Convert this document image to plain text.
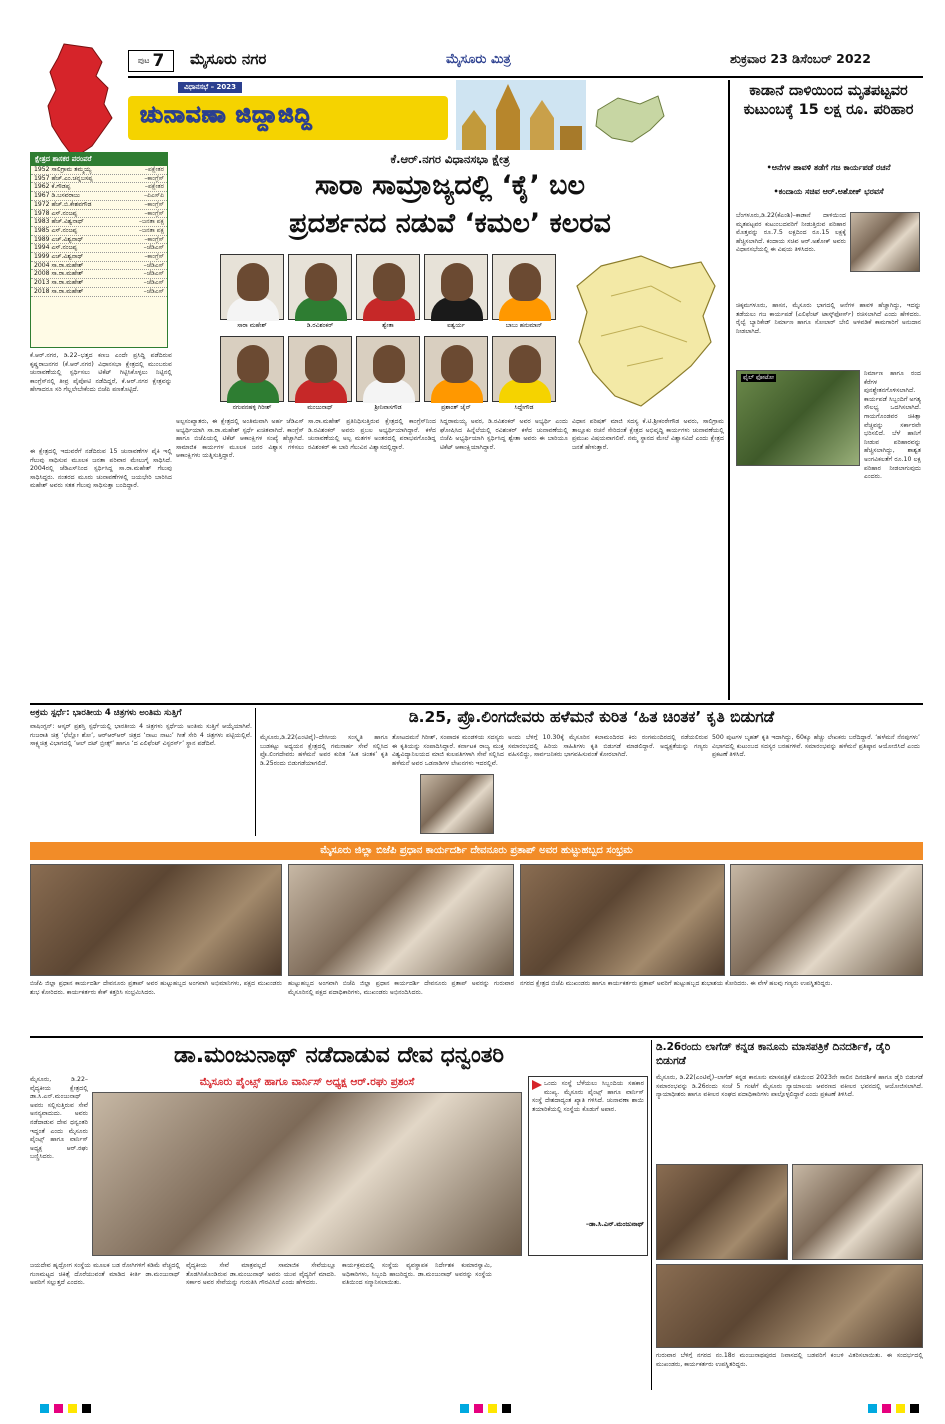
ಪುಟ 7 ಮೈಸೂರು ನಗರ	ಮೈಸೂರು ಮಿತ್ರ	ಶುಕ್ರವಾರ 23 ಡಿಸೆಂಬರ್ 2022
ವಿಧಾನಸಭೆ – 2023
ಚುನಾವಣಾ ಜಿದ್ದಾಜಿದ್ದಿ
ಕಾಡಾನೆ ದಾಳಿಯಿಂದ ಮೃತಪಟ್ಟವರ ಕುಟುಂಬಕ್ಕೆ 15 ಲಕ್ಷ ರೂ. ಪರಿಹಾರ
•ಆನೆಗಳ ಹಾವಳಿ ತಡೆಗೆ ಗಜ ಕಾರ್ಯಪಡೆ ರಚನೆ
•ಕಂದಾಯ ಸಚಿವ ಆರ್.ಅಶೋಕ್ ಭರವಸೆ
ಬೆಂಗಳೂರು,ಡಿ.22(ಕೆಎಂಶಿ)–ಕಾಡಾನೆ ದಾಳಿಯಿಂದ ಮೃತಪಟ್ಟವರ ಕುಟುಂಬದವರಿಗೆ ನೀಡುತ್ತಿರುವ ಪರಿಹಾರ ಮೊತ್ತವನ್ನು ರೂ.7.5 ಲಕ್ಷದಿಂದ ರೂ.15 ಲಕ್ಷಕ್ಕೆ ಹೆಚ್ಚಿಸಲಾಗಿದೆ. ಕಂದಾಯ ಸಚಿವ ಆರ್.ಅಶೋಕ್ ಅವರು ವಿಧಾನಸಭೆಯಲ್ಲಿ ಈ ವಿಷಯ ತಿಳಿಸಿದರು.
ಚಿಕ್ಕಮಗಳೂರು, ಹಾಸನ, ಮೈಸೂರು ಭಾಗದಲ್ಲಿ ಆನೆಗಳ ಹಾವಳಿ ಹೆಚ್ಚಾಗಿದ್ದು, ಇದನ್ನು ತಡೆಯಲು ಗಜ ಕಾರ್ಯಪಡೆ (ಎಲಿಫೆಂಟ್ ಟಾಸ್ಕ್‌ಫೋರ್ಸ್) ರಚಿಸಲಾಗಿದೆ ಎಂದು ಹೇಳಿದರು. ರೈಲ್ವೆ ಬ್ಯಾರಿಕೇಡ್ ನಿರ್ಮಾಣ ಹಾಗೂ ಸೋಲಾರ್ ಬೇಲಿ ಅಳವಡಿಕೆ ಕಾಮಗಾರಿಗೆ ಅನುದಾನ ನೀಡಲಾಗಿದೆ.
ಫೈಲ್ ಫೋಟೋ
ನಿರ್ಮಾಣ ಹಾಗೂ ರಂದ ಕೆರೆಗಳ ಪುನಶ್ಚೇತನಗೊಳಿಸಲಾಗಿದೆ. ಕಾರ್ಯಪಡೆ ಸಿಬ್ಬಂದಿಗೆ ಅಗತ್ಯ ಸೌಲಭ್ಯ ಒದಗಿಸಲಾಗಿದೆ. ಗಾಯಗೊಂಡವರ ಚಿಕಿತ್ಸಾ ವೆಚ್ಚವನ್ನು ಸರ್ಕಾರವೇ ಭರಿಸಲಿದೆ. ಬೆಳೆ ಹಾನಿಗೆ ನೀಡುವ ಪರಿಹಾರವನ್ನು ಹೆಚ್ಚಿಸಲಾಗಿದ್ದು, ಶಾಶ್ವತ ಅಂಗವಿಕಲತೆಗೆ ರೂ.10 ಲಕ್ಷ ಪರಿಹಾರ ನೀಡಲಾಗುವುದು ಎಂದರು.
ಕ್ಷೇತ್ರದ ಶಾಸಕರ ಪರಂಪರೆ
1952 ಸಾಲಿಗ್ರಾಮ ತಮ್ಮಯ್ಯ	–ಪಕ್ಷೇತರ
1957 ಹೆಚ್.ಎಂ.ಚನ್ನಬಸಪ್ಪ	–ಕಾಂಗ್ರೆಸ್
1962 ಕೆ.ಗೌಡಪ್ಪ	–ಪಕ್ಷೇತರ
1967 ಡಿ.ಬಸವರಾಜು	–ಪಿಎಸ್‌ಪಿ
1972 ಹೆಚ್.ಬಿ.ಕೇಶವಗೌಡ	–ಕಾಂಗ್ರೆಸ್
1978 ಎಸ್.ನಂಜಪ್ಪ	–ಕಾಂಗ್ರೆಸ್
1983 ಹೆಚ್.ವಿಶ್ವನಾಥ್	–ಜನತಾ ಪಕ್ಷ
1985 ಎಸ್.ನಂಜಪ್ಪ	–ಜನತಾ ಪಕ್ಷ
1989 ಎಚ್.ವಿಶ್ವನಾಥ್	–ಕಾಂಗ್ರೆಸ್
1994 ಎಸ್.ನಂಜಪ್ಪ	–ಜೆಡಿಎಸ್
1999 ಎಚ್.ವಿಶ್ವನಾಥ್	–ಕಾಂಗ್ರೆಸ್
2004 ಸಾ.ರಾ.ಮಹೇಶ್	–ಜೆಡಿಎಸ್
2008 ಸಾ.ರಾ.ಮಹೇಶ್	–ಜೆಡಿಎಸ್
2013 ಸಾ.ರಾ.ಮಹೇಶ್	–ಜೆಡಿಎಸ್
2018 ಸಾ.ರಾ.ಮಹೇಶ್	–ಜೆಡಿಎಸ್
ಕೆ.ಆರ್.ನಗರ ವಿಧಾನಸಭಾ ಕ್ಷೇತ್ರ
ಸಾರಾ ಸಾಮ್ರಾಜ್ಯದಲ್ಲಿ ‘ಕೈ’ ಬಲ
ಪ್ರದರ್ಶನದ ನಡುವೆ ‘ಕಮಲ’ ಕಲರವ
ಸಾರಾ ಮಹೇಶ್	ಡಿ.ರವಿಶಂಕರ್	ಶ್ವೇತಾ	ಐಶ್ವರ್ಯ	ಬಾಬು ಹನುಮಾನ್
ನಗುವನಹಳ್ಳಿ ಗಿರೀಶ್	ಮಂಜುನಾಥ್	ಶ್ರೀನಿವಾಸಗೌಡ	ಪ್ರಶಾಂತ್ ಜೈನ್	ಸಿದ್ದೇಗೌಡ
ಕೆ.ಆರ್.ನಗರ, ಡಿ.22–ಭತ್ತದ ಕಣಜ ಎಂದೇ ಪ್ರಸಿದ್ಧಿ ಪಡೆದಿರುವ ಕೃಷ್ಣರಾಜನಗರ (ಕೆ.ಆರ್.ನಗರ) ವಿಧಾನಸಭಾ ಕ್ಷೇತ್ರದಲ್ಲಿ ಮುಂಬರುವ ಚುನಾವಣೆಯಲ್ಲಿ ಸ್ಪರ್ಧಿಸಲು ಟಿಕೆಟ್ ಗಿಟ್ಟಿಸಿಕೊಳ್ಳಲು ನಿಟ್ಟಿನಲ್ಲಿ ಕಾಂಗ್ರೆಸ್‌ನಲ್ಲಿ ತೀವ್ರ ಪೈಪೋಟಿ ನಡೆದಿದ್ದರೆ, ಕೆ.ಆರ್.ನಗರ ಕ್ಷೇತ್ರವನ್ನು ಹೇಗಾದರೂ ಸರಿ ಗೆಲ್ಲಲೇಬೇಕೆಂದು ಬಿಜೆಪಿ ಪಣತೊಟ್ಟಿದೆ.
ಈ ಕ್ಷೇತ್ರದಲ್ಲಿ ಇದುವರೆಗೆ ನಡೆದಿರುವ 15 ಚುನಾವಣೆಗಳ ಪೈಕಿ ಇಲ್ಲಿ ಗೆಲುವು ಸಾಧಿಸುವ ಮೂಲಕ ಜನತಾ ಪರಿವಾರ ಮೇಲುಗೈ ಸಾಧಿಸಿದೆ. 2004ರಲ್ಲಿ ಜೆಡಿಎಸ್‌ನಿಂದ ಸ್ಪರ್ಧಿಸಿದ್ದ ಸಾ.ರಾ.ಮಹೇಶ್ ಗೆಲುವು ಸಾಧಿಸಿದ್ದರು. ನಂತರದ ಮೂರು ಚುನಾವಣೆಗಳಲ್ಲಿ ಜಯಭೇರಿ ಬಾರಿಸಿದ ಮಹೇಶ್ ಅವರು ಸತತ ಗೆಲುವು ಸಾಧಿಸುತ್ತಾ ಬಂದಿದ್ದಾರೆ.
ಅಲ್ಪಸಂಖ್ಯಾತರು, ಈ ಕ್ಷೇತ್ರದಲ್ಲಿ ಅಂತಿಮವಾಗಿ ಅರ್ಹ ಜೆಡಿಎಸ್ ಅಭ್ಯರ್ಥಿಯಾಗಿ ಸಾ.ರಾ.ಮಹೇಶ್ ಸ್ಪರ್ಧೆ ಖಚಿತವಾಗಿದೆ. ಕಾಂಗ್ರೆಸ್ ಹಾಗೂ ಬಿಜೆಪಿಯಲ್ಲಿ ಟಿಕೆಟ್ ಆಕಾಂಕ್ಷಿಗಳ ಸಂಖ್ಯೆ ಹೆಚ್ಚಾಗಿದೆ. ಸಾಮಾಜಿಕ ಕಾರ್ಯಗಳ ಮೂಲಕ ಜನರ ವಿಶ್ವಾಸ ಗಳಿಸಲು ಆಕಾಂಕ್ಷಿಗಳು ಯತ್ನಿಸುತ್ತಿದ್ದಾರೆ.
ಸಾ.ರಾ.ಮಹೇಶ್ ಪ್ರತಿನಿಧಿಸುತ್ತಿರುವ ಕ್ಷೇತ್ರದಲ್ಲಿ ಕಾಂಗ್ರೆಸ್‌ನಿಂದ ಡಿ.ರವಿಶಂಕರ್ ಅವರು ಪ್ರಬಲ ಅಭ್ಯರ್ಥಿಯಾಗಿದ್ದಾರೆ. ಕಳೆದ ಚುನಾವಣೆಯಲ್ಲಿ ಅಲ್ಪ ಮತಗಳ ಅಂತರದಲ್ಲಿ ಪರಾಭವಗೊಂಡಿದ್ದ ರವಿಶಂಕರ್ ಈ ಬಾರಿ ಗೆಲುವಿನ ವಿಶ್ವಾಸದಲ್ಲಿದ್ದಾರೆ.
ಸಿದ್ದರಾಮಯ್ಯ ಅವರ, ಡಿ.ರವಿಶಂಕರ್ ಅವರ ಅಭ್ಯರ್ಥಿ ಎಂದು ಘೋಷಿಸಿದ ಹಿನ್ನೆಲೆಯಲ್ಲಿ ರವಿಶಂಕರ್ ಕಳೆದ ಚುನಾವಣೆಯಲ್ಲಿ ಬಿಜೆಪಿ ಅಭ್ಯರ್ಥಿಯಾಗಿ ಸ್ಪರ್ಧಿಸಿದ್ದ ಶ್ವೇತಾ ಅವರು ಈ ಬಾರಿಯೂ ಟಿಕೆಟ್ ಆಕಾಂಕ್ಷಿಯಾಗಿದ್ದಾರೆ.
ವಿಧಾನ ಪರಿಷತ್ ಮಾಜಿ ಸದಸ್ಯ ಕೆ.ಟಿ.ಶ್ರೀಕಂಠೇಗೌಡ ಅವರು, ಸಾಲಿಗ್ರಾಮ ತಾಲ್ಲೂಕು ರಚನೆ ಸೇರಿದಂತೆ ಕ್ಷೇತ್ರದ ಅಭಿವೃದ್ಧಿ ಕಾರ್ಯಗಳು ಚುನಾವಣೆಯಲ್ಲಿ ಪ್ರಮುಖ ವಿಷಯವಾಗಲಿವೆ. ನಮ್ಮ ಸ್ಥಾನದ ಮೇಲೆ ವಿಶ್ವಾಸವಿದೆ ಎಂದು ಕ್ಷೇತ್ರದ ಜನತೆ ಹೇಳುತ್ತಾರೆ.
ಅಕ್ರಮ ಸ್ಪರ್ಧೆ: ಭಾರತೀಯ 4 ಚಿತ್ರಗಳು ಅಂತಿಮ ಸುತ್ತಿಗೆ
ವಾಷಿಂಗ್ಟನ್: ಆಸ್ಕರ್ ಪ್ರಶಸ್ತಿ ಸ್ಪರ್ಧೆಯಲ್ಲಿ ಭಾರತೀಯ 4 ಚಿತ್ರಗಳು ಸ್ಪರ್ಧೆಯ ಅಂತಿಮ ಸುತ್ತಿಗೆ ಆಯ್ಕೆಯಾಗಿವೆ. ಗುಜರಾತಿ ಚಿತ್ರ ‘ಛೆಲ್ಲೋ ಶೋ’, ಆರ್‌ಆರ್‌ಆರ್ ಚಿತ್ರದ ‘ನಾಟು ನಾಟು’ ಗೀತೆ ಸೇರಿ 4 ಚಿತ್ರಗಳು ಪಟ್ಟಿಯಲ್ಲಿವೆ. ಸಾಕ್ಷ್ಯಚಿತ್ರ ವಿಭಾಗದಲ್ಲಿ ‘ಆಲ್ ದಟ್ ಬ್ರೀತ್ಸ್’ ಹಾಗೂ ‘ದ ಎಲಿಫೆಂಟ್ ವಿಸ್ಪರರ್ಸ್’ ಸ್ಥಾನ ಪಡೆದಿವೆ.
ಡಿ.25, ಪ್ರೊ.ಲಿಂಗದೇವರು ಹಳೆಮನೆ ಕುರಿತ ‘ಹಿತ ಚಿಂತಕ’ ಕೃತಿ ಬಿಡುಗಡೆ
ಮೈಸೂರು,ಡಿ.22(ಎಂಟಿವೈ)–ದೇಸೀಯ ಸಂಸ್ಕೃತಿ ಹಾಗೂ ಬುಡಕಟ್ಟು ಅಧ್ಯಯನ ಕ್ಷೇತ್ರದಲ್ಲಿ ಗಮನಾರ್ಹ ಸೇವೆ ಸಲ್ಲಿಸಿದ ಪ್ರೊ.ಲಿಂಗದೇವರು ಹಳೆಮನೆ ಅವರ ಕುರಿತ ‘ಹಿತ ಚಿಂತಕ’ ಕೃತಿ ಡಿ.25ರಂದು ಬಿಡುಗಡೆಯಾಗಲಿದೆ.
ತೋಟದಮನೆ ಗಿರೀಶ್, ಸಂಪಾದಕ ಮಂಡಳಿಯ ಸದಸ್ಯರು ಈ ಕೃತಿಯನ್ನು ಸಂಪಾದಿಸಿದ್ದಾರೆ. ಕರ್ನಾಟಕ ರಾಜ್ಯ ಮುಕ್ತ ವಿಶ್ವವಿದ್ಯಾನಿಲಯದ ಮಾಜಿ ಕುಲಪತಿಗಳಾಗಿ ಸೇವೆ ಸಲ್ಲಿಸಿದ ಹಳೆಮನೆ ಅವರ ಒಡನಾಡಿಗಳ ಲೇಖನಗಳು ಇದರಲ್ಲಿವೆ.
ಅಂದು ಬೆಳಿಗ್ಗೆ 10.30ಕ್ಕೆ ಮೈಸೂರಿನ ಕಲಾಮಂದಿರದ ಕಿರು ರಂಗಮಂದಿರದಲ್ಲಿ ನಡೆಯಲಿರುವ ಸಮಾರಂಭದಲ್ಲಿ ಹಿರಿಯ ಸಾಹಿತಿಗಳು ಕೃತಿ ಬಿಡುಗಡೆ ಮಾಡಲಿದ್ದಾರೆ. ಅಧ್ಯಕ್ಷತೆಯನ್ನು ಗಣ್ಯರು ವಹಿಸಲಿದ್ದು, ಸಾರ್ವಜನಿಕರು ಭಾಗವಹಿಸುವಂತೆ ಕೋರಲಾಗಿದೆ.
500 ಪುಟಗಳ ಬೃಹತ್ ಕೃತಿ ಇದಾಗಿದ್ದು, 60ಕ್ಕೂ ಹೆಚ್ಚು ಲೇಖಕರು ಬರೆದಿದ್ದಾರೆ. ‘ಹಳೆಮನೆ ನೆನಪುಗಳು’ ವಿಭಾಗದಲ್ಲಿ ಕುಟುಂಬದ ಸದಸ್ಯರ ಬರಹಗಳಿವೆ. ಸಮಾರಂಭವನ್ನು ಹಳೆಮನೆ ಪ್ರತಿಷ್ಠಾನ ಆಯೋಜಿಸಿದೆ ಎಂದು ಪ್ರಕಟಣೆ ತಿಳಿಸಿದೆ.
ಮೈಸೂರು ಜಿಲ್ಲಾ ಬಿಜೆಪಿ ಪ್ರಧಾನ ಕಾರ್ಯದರ್ಶಿ ದೇವನೂರು ಪ್ರತಾಪ್ ಅವರ ಹುಟ್ಟುಹಬ್ಬದ ಸಂಭ್ರಮ
ಬಿಜೆಪಿ ಜಿಲ್ಲಾ ಪ್ರಧಾನ ಕಾರ್ಯದರ್ಶಿ ದೇವನೂರು ಪ್ರತಾಪ್ ಅವರ ಹುಟ್ಟುಹಬ್ಬದ ಅಂಗವಾಗಿ ಅಭಿಮಾನಿಗಳು, ಪಕ್ಷದ ಮುಖಂಡರು ಶುಭ ಕೋರಿದರು. ಕಾರ್ಯಕರ್ತರು ಕೇಕ್ ಕತ್ತರಿಸಿ ಸಂಭ್ರಮಿಸಿದರು.
ಹುಟ್ಟುಹಬ್ಬದ ಅಂಗವಾಗಿ ಬಿಜೆಪಿ ಜಿಲ್ಲಾ ಪ್ರಧಾನ ಕಾರ್ಯದರ್ಶಿ ದೇವನೂರು ಪ್ರತಾಪ್ ಅವರನ್ನು ಗುರುವಾರ ಮೈಸೂರಿನಲ್ಲಿ ಪಕ್ಷದ ಪದಾಧಿಕಾರಿಗಳು, ಮುಖಂಡರು ಅಭಿನಂದಿಸಿದರು.
ನಗರದ ಕ್ಷೇತ್ರದ ಬಿಜೆಪಿ ಮುಖಂಡರು ಹಾಗೂ ಕಾರ್ಯಕರ್ತರು ಪ್ರತಾಪ್ ಅವರಿಗೆ ಹುಟ್ಟುಹಬ್ಬದ ಶುಭಾಶಯ ಕೋರಿದರು. ಈ ವೇಳೆ ಹಲವು ಗಣ್ಯರು ಉಪಸ್ಥಿತರಿದ್ದರು.
ಡಾ.ಮಂಜುನಾಥ್ ನಡೆದಾಡುವ ದೇವ ಧನ್ವಂತರಿ
ಮೈಸೂರು ಪೈಂಟ್ಸ್ ಹಾಗೂ ವಾರ್ನಿಸ್ ಅಧ್ಯಕ್ಷ ಆರ್.ರಘು ಪ್ರಶಂಸೆ
ಮೈಸೂರು, ಡಿ.22–ವೈದ್ಯಕೀಯ ಕ್ಷೇತ್ರದಲ್ಲಿ ಡಾ.ಸಿ.ಎನ್.ಮಂಜುನಾಥ್ ಅವರು ಸಲ್ಲಿಸುತ್ತಿರುವ ಸೇವೆ ಅನನ್ಯವಾದುದು. ಅವರು ನಡೆದಾಡುವ ದೇವ ಧನ್ವಂತರಿ ಇದ್ದಂತೆ ಎಂದು ಮೈಸೂರು ಪೈಂಟ್ಸ್ ಹಾಗೂ ವಾರ್ನಿಸ್ ಅಧ್ಯಕ್ಷ ಆರ್.ರಘು ಬಣ್ಣಿಸಿದರು.
ಒಂದು ಸಂಸ್ಥೆ ಬೆಳೆಯಲು ಸಿಬ್ಬಂದಿಯ ಸಹಕಾರ ಮುಖ್ಯ. ಮೈಸೂರು ಪೈಂಟ್ಸ್ ಹಾಗೂ ವಾರ್ನಿಸ್ ಸಂಸ್ಥೆ ದೇಶದಾದ್ಯಂತ ಖ್ಯಾತಿ ಗಳಿಸಿದೆ. ಚುನಾವಣಾ ಶಾಯಿ ತಯಾರಿಕೆಯಲ್ಲಿ ಸಂಸ್ಥೆಯ ಕೊಡುಗೆ ಅಪಾರ.
–ಡಾ.ಸಿ.ಎನ್.ಮಂಜುನಾಥ್
ಜಯದೇವ ಹೃದ್ರೋಗ ಸಂಸ್ಥೆಯ ಮೂಲಕ ಬಡ ರೋಗಿಗಳಿಗೆ ಕಡಿಮೆ ವೆಚ್ಚದಲ್ಲಿ ಗುಣಮಟ್ಟದ ಚಿಕಿತ್ಸೆ ದೊರೆಯುವಂತೆ ಮಾಡಿದ ಕೀರ್ತಿ ಡಾ.ಮಂಜುನಾಥ್ ಅವರಿಗೆ ಸಲ್ಲುತ್ತದೆ ಎಂದರು.
ವೈದ್ಯಕೀಯ ಸೇವೆ ಮಾತ್ರವಲ್ಲದೆ ಸಾಮಾಜಿಕ ಸೇವೆಯಲ್ಲೂ ತೊಡಗಿಸಿಕೊಂಡಿರುವ ಡಾ.ಮಂಜುನಾಥ್ ಅವರು ಯುವ ವೈದ್ಯರಿಗೆ ಮಾದರಿ. ಸರ್ಕಾರ ಅವರ ಸೇವೆಯನ್ನು ಗುರುತಿಸಿ ಗೌರವಿಸಿದೆ ಎಂದು ಹೇಳಿದರು.
ಕಾರ್ಯಕ್ರಮದಲ್ಲಿ ಸಂಸ್ಥೆಯ ವ್ಯವಸ್ಥಾಪಕ ನಿರ್ದೇಶಕ ಕುಮಾರಸ್ವಾಮಿ, ಅಧಿಕಾರಿಗಳು, ಸಿಬ್ಬಂದಿ ಹಾಜರಿದ್ದರು. ಡಾ.ಮಂಜುನಾಥ್ ಅವರನ್ನು ಸಂಸ್ಥೆಯ ವತಿಯಿಂದ ಸನ್ಮಾನಿಸಲಾಯಿತು.
ಡಿ.26ರಂದು ಲಾಗೆಡ್ ಕನ್ನಡ ಕಾನೂನು ಮಾಸಪತ್ರಿಕೆ ದಿನದರ್ಶಿಕೆ, ಡೈರಿ ಬಿಡುಗಡೆ
ಮೈಸೂರು, ಡಿ.22(ಎಂಟಿವೈ)–ಲಾಗೆಡ್ ಕನ್ನಡ ಕಾನೂನು ಮಾಸಪತ್ರಿಕೆ ವತಿಯಿಂದ 2023ನೇ ಸಾಲಿನ ದಿನದರ್ಶಿಕೆ ಹಾಗೂ ಡೈರಿ ಬಿಡುಗಡೆ ಸಮಾರಂಭವನ್ನು ಡಿ.26ರಂದು ಸಂಜೆ 5 ಗಂಟೆಗೆ ಮೈಸೂರು ನ್ಯಾಯಾಲಯ ಆವರಣದ ವಕೀಲರ ಭವನದಲ್ಲಿ ಆಯೋಜಿಸಲಾಗಿದೆ. ನ್ಯಾಯಾಧೀಶರು ಹಾಗೂ ವಕೀಲರ ಸಂಘದ ಪದಾಧಿಕಾರಿಗಳು ಪಾಲ್ಗೊಳ್ಳಲಿದ್ದಾರೆ ಎಂದು ಪ್ರಕಟಣೆ ತಿಳಿಸಿದೆ.
ಗುರುವಾರ ಬೆಳಿಗ್ಗೆ ನಗರದ ನಂ.18ರ ಮಂಜುನಾಥಪುರದ ನಿವಾಸದಲ್ಲಿ ಬಡವರಿಗೆ ಕಂಬಳಿ ವಿತರಿಸಲಾಯಿತು. ಈ ಸಂದರ್ಭದಲ್ಲಿ ಮುಖಂಡರು, ಕಾರ್ಯಕರ್ತರು ಉಪಸ್ಥಿತರಿದ್ದರು.
